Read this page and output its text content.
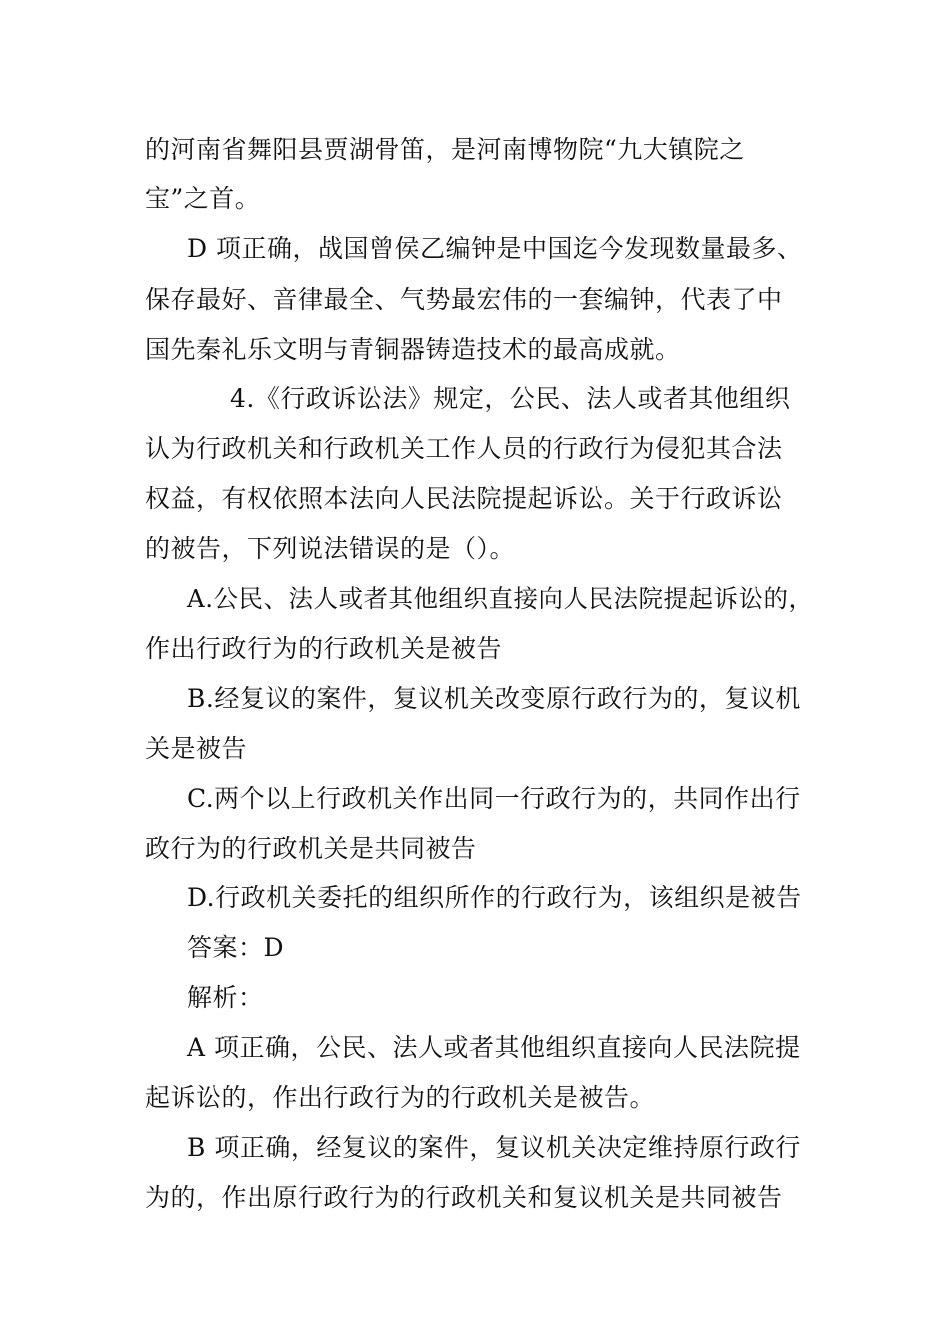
的河南省舞阳县贾湖骨笛，是河南博物院“九大镇院之
宝”之首。
D 项正确，战国曾侯乙编钟是中国迄今发现数量最多、
保存最好、音律最全、气势最宏伟的一套编钟，代表了中
国先秦礼乐文明与青铜器铸造技术的最高成就。
4.《行政诉讼法》规定，公民、法人或者其他组织
认为行政机关和行政机关工作人员的行政行为侵犯其合法
权益，有权依照本法向人民法院提起诉讼。关于行政诉讼
的被告，下列说法错误的是（）。
A.公民、法人或者其他组织直接向人民法院提起诉讼的，
作出行政行为的行政机关是被告
B.经复议的案件，复议机关改变原行政行为的，复议机
关是被告
C.两个以上行政机关作出同一行政行为的，共同作出行
政行为的行政机关是共同被告
D.行政机关委托的组织所作的行政行为，该组织是被告
答案：D
解析：
A 项正确，公民、法人或者其他组织直接向人民法院提
起诉讼的，作出行政行为的行政机关是被告。
B 项正确，经复议的案件，复议机关决定维持原行政行
为的，作出原行政行为的行政机关和复议机关是共同被告
